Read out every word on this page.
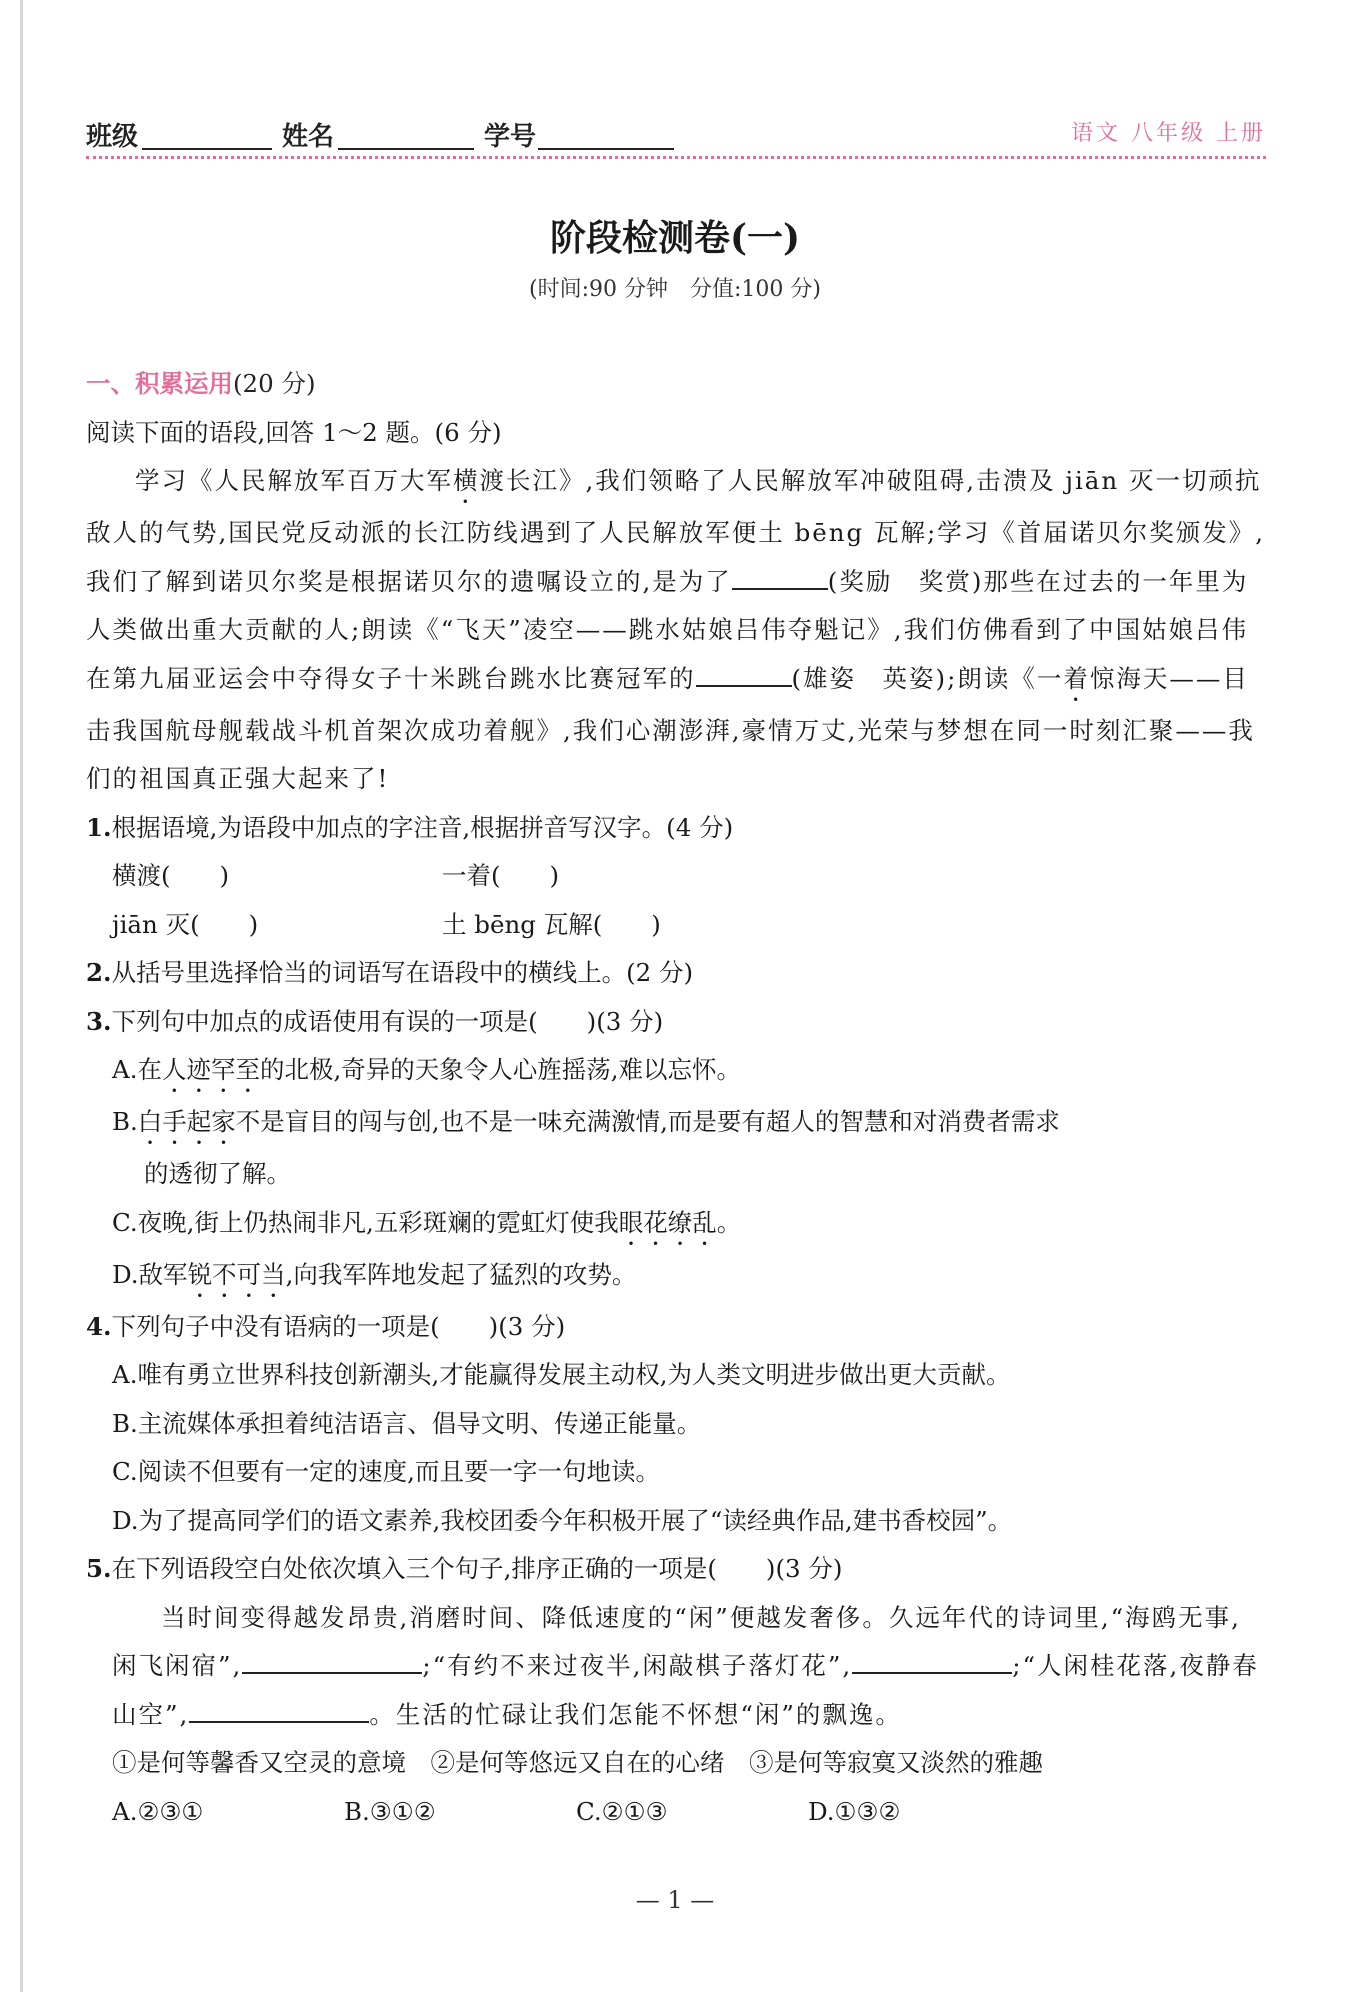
班级	姓名	学号	语文 八年级 上册
阶段检测卷(一)
(时间:90 分钟　分值:100 分)
一、积累运用(20 分)
阅读下面的语段,回答 1～2 题。(6 分)
学习《人民解放军百万大军横渡长江》,我们领略了人民解放军冲破阻碍,击溃及 jiān 灭一切顽抗敌人的气势,国民党反动派的长江防线遇到了人民解放军便土 bēng 瓦解;学习《首届诺贝尔奖颁发》,我们了解到诺贝尔奖是根据诺贝尔的遗嘱设立的,是为了	(奖励　奖赏)那些在过去的一年里为人类做出重大贡献的人;朗读《“飞天”凌空——跳水姑娘吕伟夺魁记》,我们仿佛看到了中国姑娘吕伟在第九届亚运会中夺得女子十米跳台跳水比赛冠军的	(雄姿　英姿);朗读《一着惊海天——目击我国航母舰载战斗机首架次成功着舰》,我们心潮澎湃,豪情万丈,光荣与梦想在同一时刻汇聚——我们的祖国真正强大起来了!
1.根据语境,为语段中加点的字注音,根据拼音写汉字。(4 分)
横渡(　　)	一着(　　)
jiān 灭(　　)	土 bēng 瓦解(　　)
2.从括号里选择恰当的词语写在语段中的横线上。(2 分)
3.下列句中加点的成语使用有误的一项是(　　)(3 分)
A.在人迹罕至的北极,奇异的天象令人心旌摇荡,难以忘怀。
B.白手起家不是盲目的闯与创,也不是一味充满激情,而是要有超人的智慧和对消费者需求
的透彻了解。
C.夜晚,街上仍热闹非凡,五彩斑斓的霓虹灯使我眼花缭乱。
D.敌军锐不可当,向我军阵地发起了猛烈的攻势。
4.下列句子中没有语病的一项是(　　)(3 分)
A.唯有勇立世界科技创新潮头,才能赢得发展主动权,为人类文明进步做出更大贡献。
B.主流媒体承担着纯洁语言、倡导文明、传递正能量。
C.阅读不但要有一定的速度,而且要一字一句地读。
D.为了提高同学们的语文素养,我校团委今年积极开展了“读经典作品,建书香校园”。
5.在下列语段空白处依次填入三个句子,排序正确的一项是(　　)(3 分)
当时间变得越发昂贵,消磨时间、降低速度的“闲”便越发奢侈。久远年代的诗词里,“海鸥无事,闲飞闲宿”,	;“有约不来过夜半,闲敲棋子落灯花”,	;“人闲桂花落,夜静春山空”,	。生活的忙碌让我们怎能不怀想“闲”的飘逸。
①是何等馨香又空灵的意境　②是何等悠远又自在的心绪　③是何等寂寞又淡然的雅趣
A.②③①	B.③①②	C.②①③	D.①③②
— 1 —
